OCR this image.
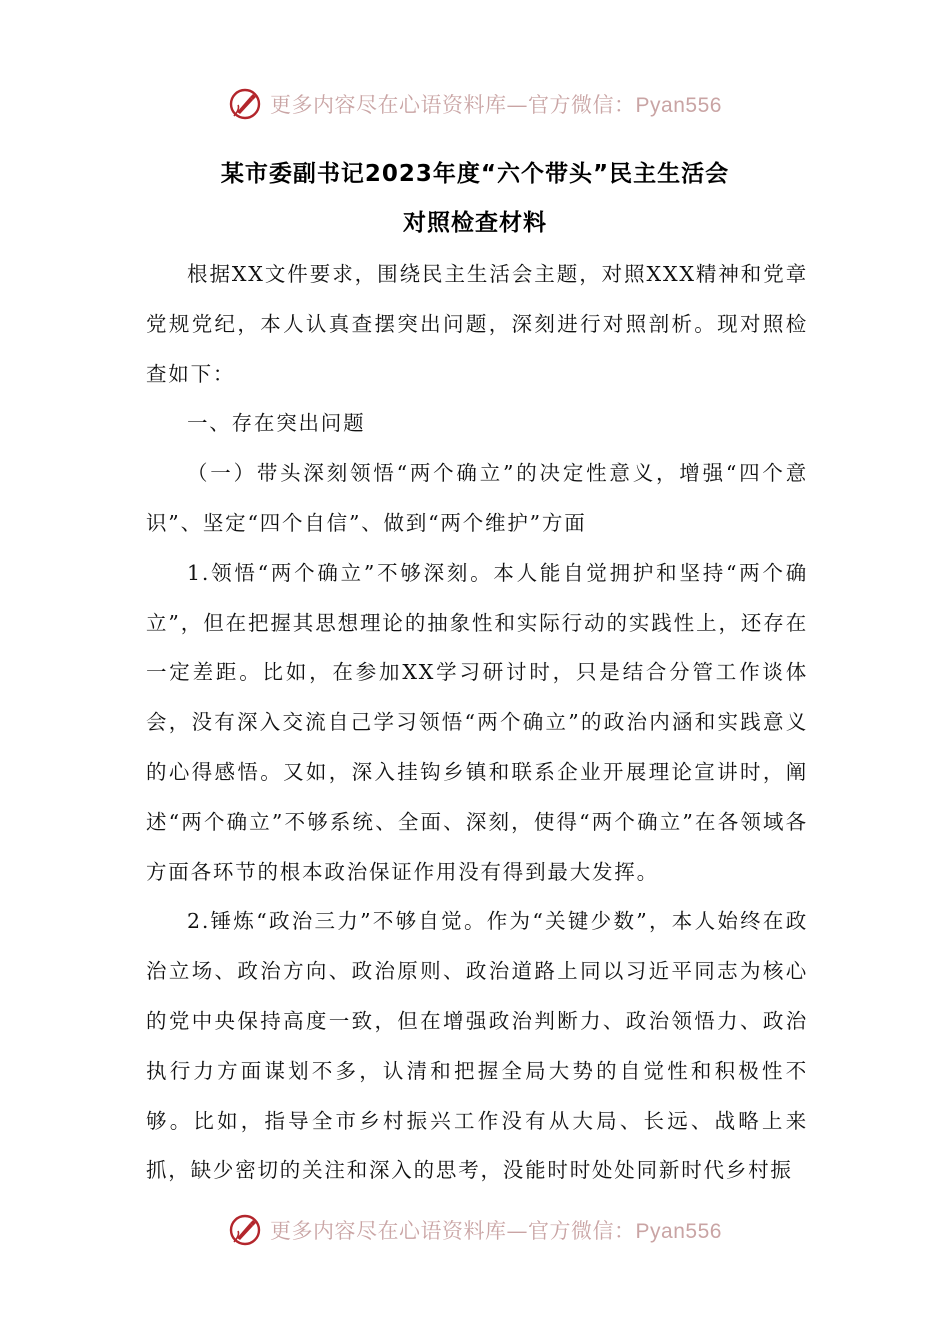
更多内容尽在心语资料库—官方微信：Pyan556
某市委副书记2023年度“六个带头”民主生活会
对照检查材料

根据XX文件要求，围绕民主生活会主题，对照XXX精神和党章党规党纪，本人认真查摆突出问题，深刻进行对照剖析。现对照检查如下：

一、存在突出问题

（一）带头深刻领悟“两个确立”的决定性意义，增强“四个意识”、坚定“四个自信”、做到“两个维护”方面

1.领悟“两个确立”不够深刻。本人能自觉拥护和坚持“两个确立”，但在把握其思想理论的抽象性和实际行动的实践性上，还存在一定差距。比如，在参加XX学习研讨时，只是结合分管工作谈体会，没有深入交流自己学习领悟“两个确立”的政治内涵和实践意义的心得感悟。又如，深入挂钩乡镇和联系企业开展理论宣讲时，阐述“两个确立”不够系统、全面、深刻，使得“两个确立”在各领域各方面各环节的根本政治保证作用没有得到最大发挥。

2.锤炼“政治三力”不够自觉。作为“关键少数”，本人始终在政治立场、政治方向、政治原则、政治道路上同以习近平同志为核心的党中央保持高度一致，但在增强政治判断力、政治领悟力、政治执行力方面谋划不多，认清和把握全局大势的自觉性和积极性不够。比如，指导全市乡村振兴工作没有从大局、长远、战略上来抓，缺少密切的关注和深入的思考，没能时时处处同新时代乡村振

更多内容尽在心语资料库—官方微信：Pyan556
